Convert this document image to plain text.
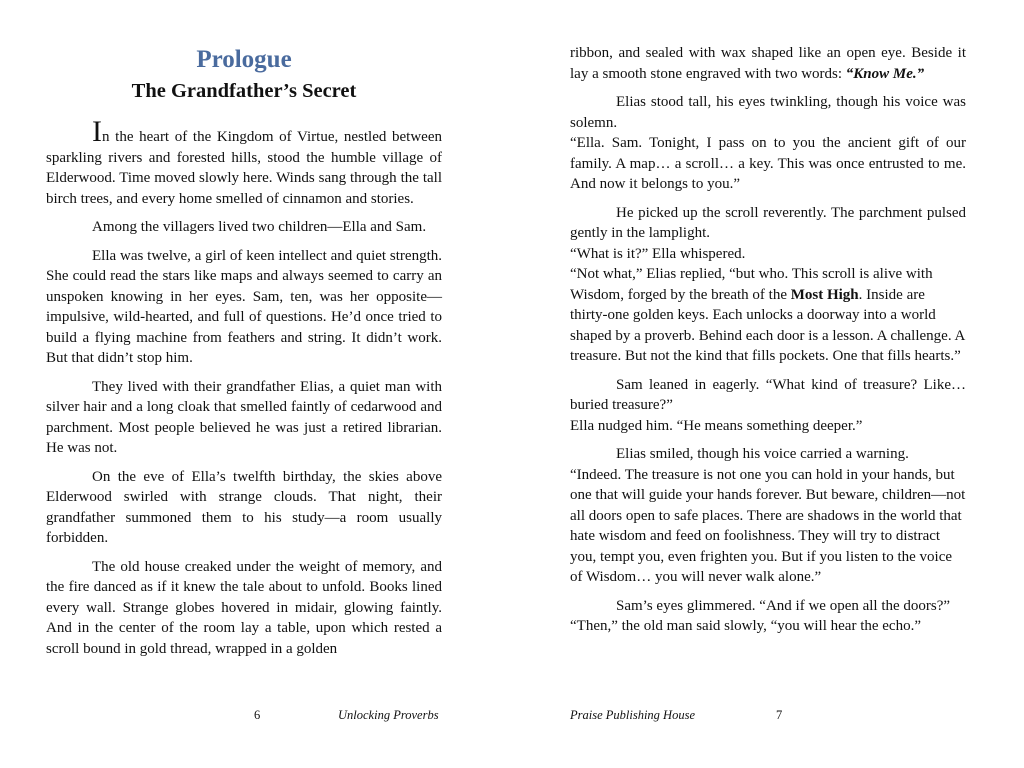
Prologue
The Grandfather’s Secret

In the heart of the Kingdom of Virtue, nestled between sparkling rivers and forested hills, stood the humble village of Elderwood. Time moved slowly here. Winds sang through the tall birch trees, and every home smelled of cinnamon and stories.

Among the villagers lived two children—Ella and Sam.

Ella was twelve, a girl of keen intellect and quiet strength. She could read the stars like maps and always seemed to carry an unspoken knowing in her eyes. Sam, ten, was her opposite—impulsive, wild-hearted, and full of questions. He’d once tried to build a flying machine from feathers and string. It didn’t work. But that didn’t stop him.

They lived with their grandfather Elias, a quiet man with silver hair and a long cloak that smelled faintly of cedarwood and parchment. Most people believed he was just a retired librarian. He was not.

On the eve of Ella’s twelfth birthday, the skies above Elderwood swirled with strange clouds. That night, their grandfather summoned them to his study—a room usually forbidden.

The old house creaked under the weight of memory, and the fire danced as if it knew the tale about to unfold. Books lined every wall. Strange globes hovered in midair, glowing faintly. And in the center of the room lay a table, upon which rested a scroll bound in gold thread, wrapped in a golden

6	Unlocking Proverbs

ribbon, and sealed with wax shaped like an open eye. Beside it lay a smooth stone engraved with two words: “Know Me.”

Elias stood tall, his eyes twinkling, though his voice was solemn.
“Ella. Sam. Tonight, I pass on to you the ancient gift of our family. A map… a scroll… a key. This was once entrusted to me. And now it belongs to you.”

He picked up the scroll reverently. The parchment pulsed gently in the lamplight.
“What is it?” Ella whispered.
“Not what,” Elias replied, “but who. This scroll is alive with Wisdom, forged by the breath of the Most High. Inside are thirty-one golden keys. Each unlocks a doorway into a world shaped by a proverb. Behind each door is a lesson. A challenge. A treasure. But not the kind that fills pockets. One that fills hearts.”

Sam leaned in eagerly. “What kind of treasure? Like… buried treasure?”
Ella nudged him. “He means something deeper.”

Elias smiled, though his voice carried a warning.
“Indeed. The treasure is not one you can hold in your hands, but one that will guide your hands forever. But beware, children—not all doors open to safe places. There are shadows in the world that hate wisdom and feed on foolishness. They will try to distract you, tempt you, even frighten you. But if you listen to the voice of Wisdom… you will never walk alone.”

Sam’s eyes glimmered. “And if we open all the doors?”
“Then,” the old man said slowly, “you will hear the echo.”

Praise Publishing House	7
